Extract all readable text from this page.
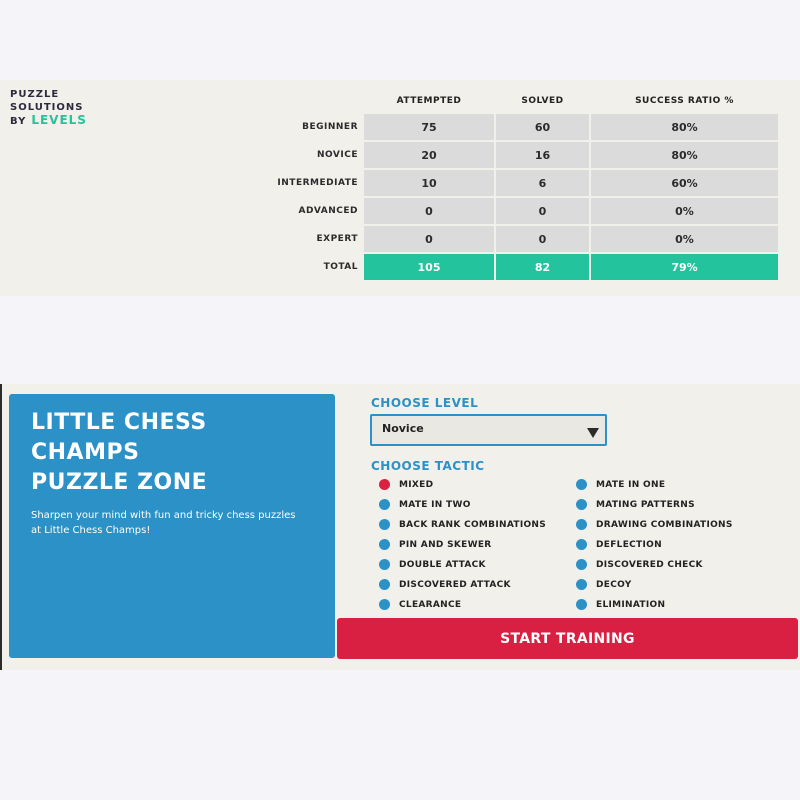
PUZZLE
SOLUTIONS
BY LEVELS
	ATTEMPTED	SOLVED	SUCCESS RATIO %
BEGINNER	75	60	80%
NOVICE	20	16	80%
INTERMEDIATE	10	6	60%
ADVANCED	0	0	0%
EXPERT	0	0	0%
TOTAL	105	82	79%
LITTLE CHESS CHAMPS
PUZZLE ZONE

Sharpen your mind with fun and tricky chess puzzles at Little Chess Champs!

CHOOSE LEVEL
Novice
CHOOSE TACTIC
MIXED	MATE IN ONE
MATE IN TWO	MATING PATTERNS
BACK RANK COMBINATIONS	DRAWING COMBINATIONS
PIN AND SKEWER	DEFLECTION
DOUBLE ATTACK	DISCOVERED CHECK
DISCOVERED ATTACK	DECOY
CLEARANCE	ELIMINATION
START TRAINING
